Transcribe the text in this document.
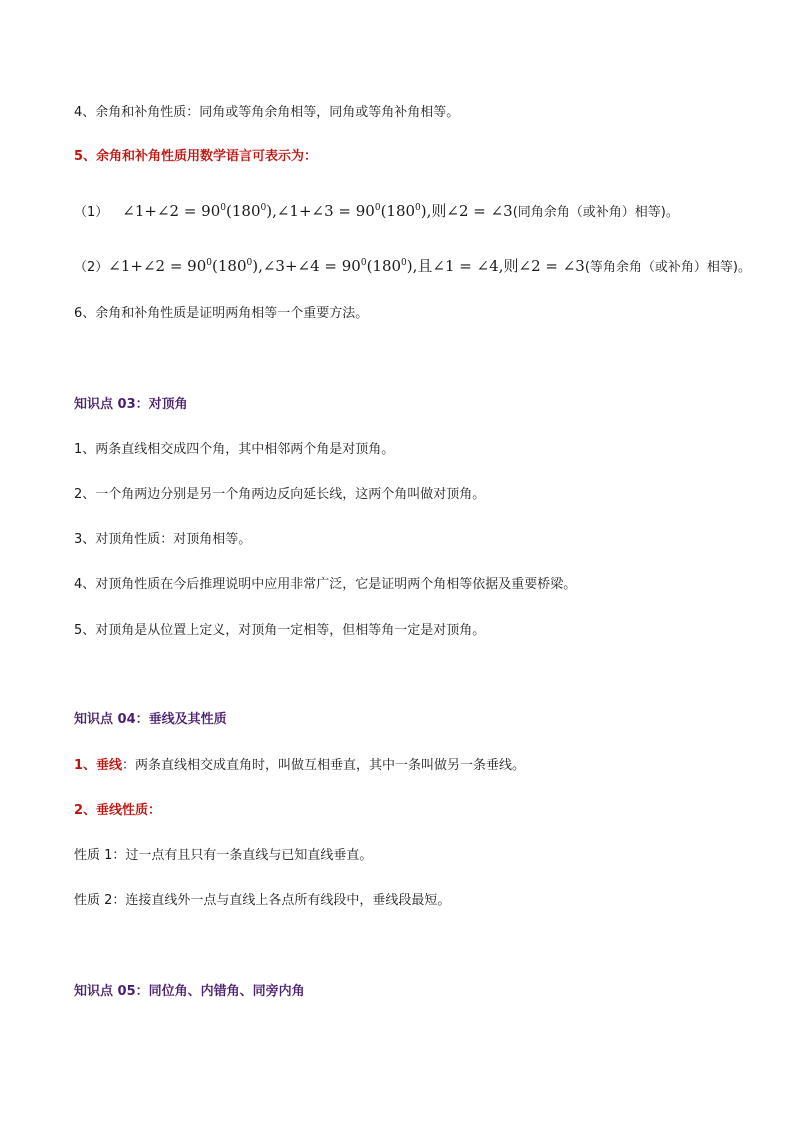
4、余角和补角性质：同角或等角余角相等，同角或等角补角相等。
5、余角和补角性质用数学语言可表示为：
（1） ∠1+∠2 = $90^0(180^0),\angle 1+\angle 3 = 90^0(180^0)$,则∠2 = ∠3(同角余角（或补角）相等)。
（2）∠1+∠2 = $90^0(180^0),\angle 3+\angle 4 = 90^0(180^0)$,且∠1 = ∠4,则∠2 = ∠3(等角余角（或补角）相等)。
6、余角和补角性质是证明两角相等一个重要方法。
知识点 03：对顶角
1、两条直线相交成四个角，其中相邻两个角是对顶角。
2、一个角两边分别是另一个角两边反向延长线，这两个角叫做对顶角。
3、对顶角性质：对顶角相等。
4、对顶角性质在今后推理说明中应用非常广泛，它是证明两个角相等依据及重要桥梁。
5、对顶角是从位置上定义，对顶角一定相等，但相等角一定是对顶角。
知识点 04：垂线及其性质
1、垂线：两条直线相交成直角时，叫做互相垂直，其中一条叫做另一条垂线。
2、垂线性质：
性质 1：过一点有且只有一条直线与已知直线垂直。
性质 2：连接直线外一点与直线上各点所有线段中，垂线段最短。
知识点 05：同位角、内错角、同旁内角
